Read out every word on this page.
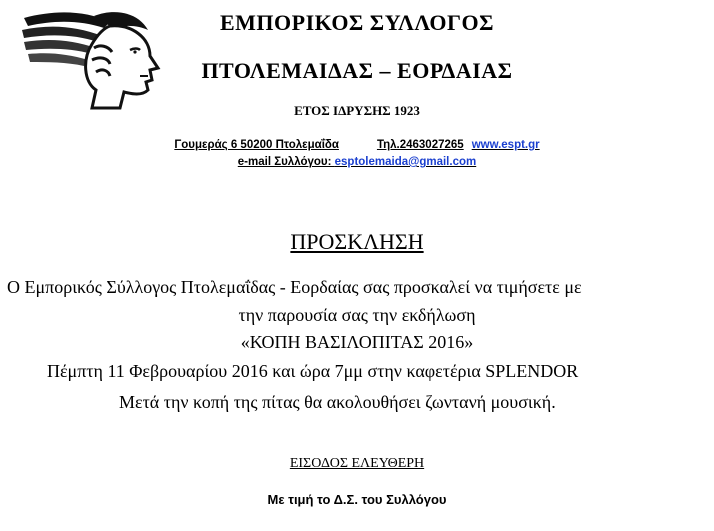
ΕΜΠΟΡΙΚΟΣ ΣΥΛΛΟΓΟΣ
ΠΤΟΛΕΜΑΙΔΑΣ – ΕΟΡΔΑΙΑΣ
ΕΤΟΣ ΙΔΡΥΣΗΣ 1923
Γουμεράς 6 50200 Πτολεμαΐδα	Τηλ.2463027265 www.espt.gr
e-mail Συλλόγου: esptolemaida@gmail.com
ΠΡΟΣΚΛΗΣΗ
Ο Εμπορικός Σύλλογος Πτολεμαΐδας - Εορδαίας σας προσκαλεί να τιμήσετε με
την παρουσία σας την εκδήλωση
«ΚΟΠΗ ΒΑΣΙΛΟΠΙΤΑΣ 2016»
Πέμπτη 11 Φεβρουαρίου 2016 και ώρα 7μμ στην καφετέρια SPLENDOR
Μετά την κοπή της πίτας θα ακολουθήσει ζωντανή μουσική.
ΕΙΣΟΔΟΣ ΕΛΕΥΘΕΡΗ
Με τιμή το Δ.Σ. του Συλλόγου
